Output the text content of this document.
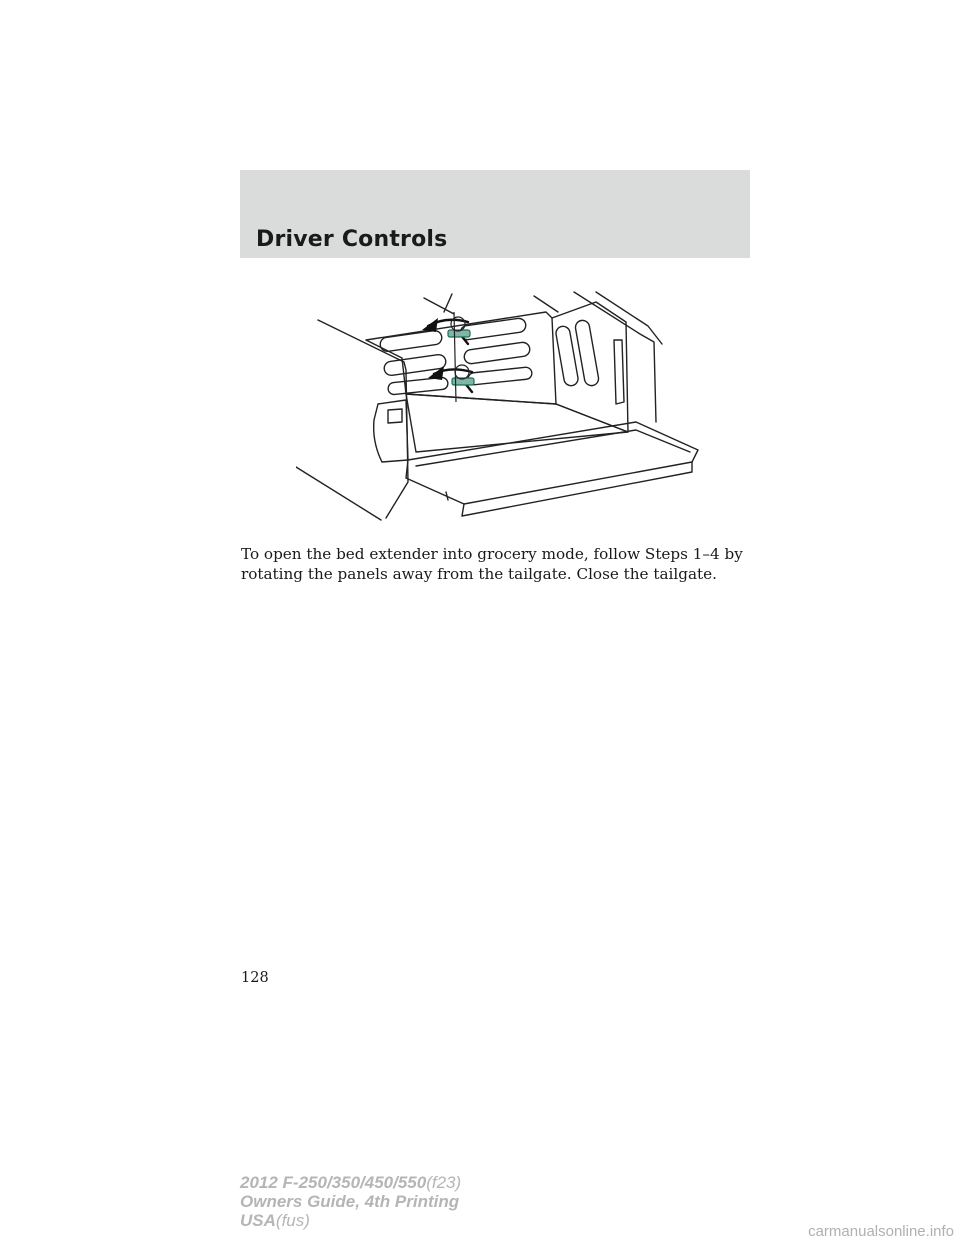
Driver Controls

To open the bed extender into grocery mode, follow Steps 1–4 by rotating the panels away from the tailgate. Close the tailgate.

128
2012 F-250/350/450/550(f23)
Owners Guide, 4th Printing
USA(fus)
carmanualsonline.info
